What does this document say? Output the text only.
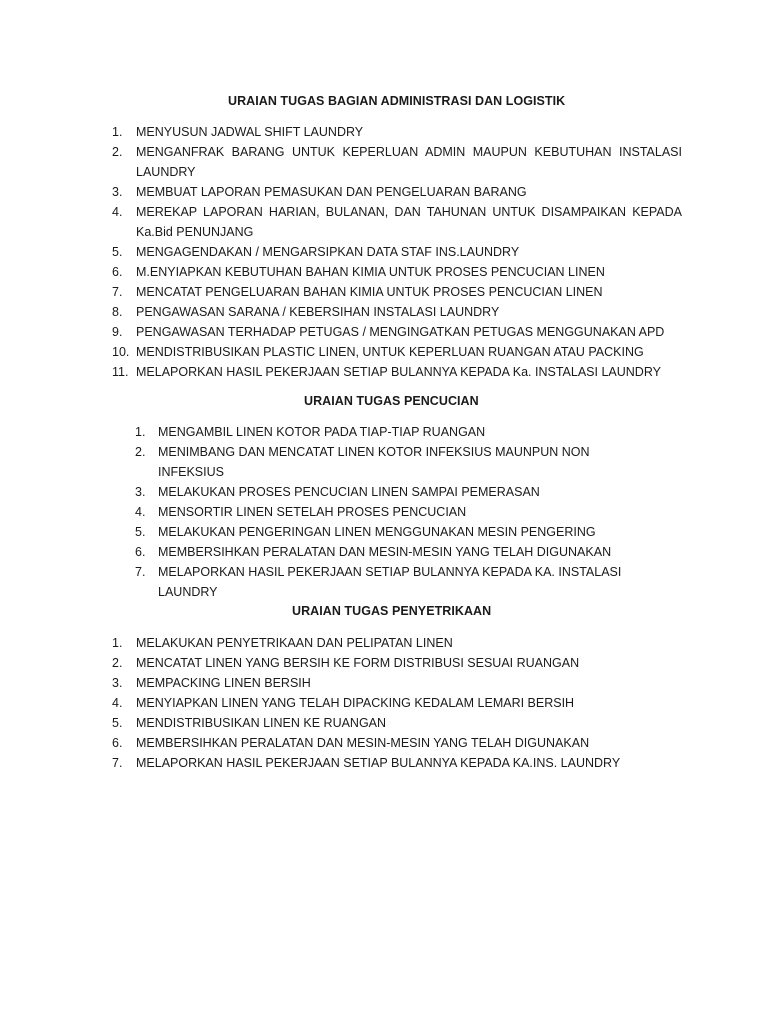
URAIAN TUGAS BAGIAN ADMINISTRASI DAN LOGISTIK
1.	MENYUSUN JADWAL SHIFT LAUNDRY
2.	MENGANFRAK BARANG UNTUK KEPERLUAN ADMIN MAUPUN KEBUTUHAN INSTALASI LAUNDRY
3.	MEMBUAT LAPORAN PEMASUKAN DAN PENGELUARAN BARANG
4.	MEREKAP LAPORAN HARIAN, BULANAN, DAN TAHUNAN UNTUK DISAMPAIKAN KEPADA Ka.Bid PENUNJANG
5.	MENGAGENDAKAN / MENGARSIPKAN DATA STAF INS.LAUNDRY
6.	M.ENYIAPKAN KEBUTUHAN BAHAN KIMIA UNTUK PROSES PENCUCIAN LINEN
7.	MENCATAT PENGELUARAN BAHAN KIMIA UNTUK PROSES PENCUCIAN LINEN
8.	PENGAWASAN SARANA / KEBERSIHAN INSTALASI LAUNDRY
9.	PENGAWASAN TERHADAP PETUGAS / MENGINGATKAN PETUGAS MENGGUNAKAN APD
10. MENDISTRIBUSIKAN PLASTIC LINEN, UNTUK KEPERLUAN RUANGAN ATAU PACKING
11. MELAPORKAN HASIL PEKERJAAN SETIAP BULANNYA KEPADA Ka. INSTALASI LAUNDRY
URAIAN TUGAS PENCUCIAN
1.	MENGAMBIL LINEN KOTOR PADA TIAP-TIAP RUANGAN
2.	MENIMBANG DAN MENCATAT LINEN KOTOR INFEKSIUS MAUNPUN NON INFEKSIUS
3.	MELAKUKAN PROSES PENCUCIAN LINEN SAMPAI PEMERASAN
4.	MENSORTIR LINEN SETELAH PROSES PENCUCIAN
5.	MELAKUKAN PENGERINGAN LINEN MENGGUNAKAN MESIN PENGERING
6.	MEMBERSIHKAN PERALATAN DAN MESIN-MESIN YANG TELAH DIGUNAKAN
7.	MELAPORKAN HASIL PEKERJAAN SETIAP BULANNYA KEPADA KA. INSTALASI LAUNDRY
URAIAN TUGAS PENYETRIKAAN
1.	MELAKUKAN PENYETRIKAAN DAN PELIPATAN LINEN
2.	MENCATAT LINEN YANG BERSIH KE FORM DISTRIBUSI SESUAI RUANGAN
3.	MEMPACKING LINEN BERSIH
4.	MENYIAPKAN LINEN YANG TELAH DIPACKING KEDALAM LEMARI BERSIH
5.	MENDISTRIBUSIKAN LINEN KE RUANGAN
6.	MEMBERSIHKAN PERALATAN DAN MESIN-MESIN YANG TELAH DIGUNAKAN
7.	MELAPORKAN HASIL PEKERJAAN SETIAP BULANNYA KEPADA KA.INS. LAUNDRY
